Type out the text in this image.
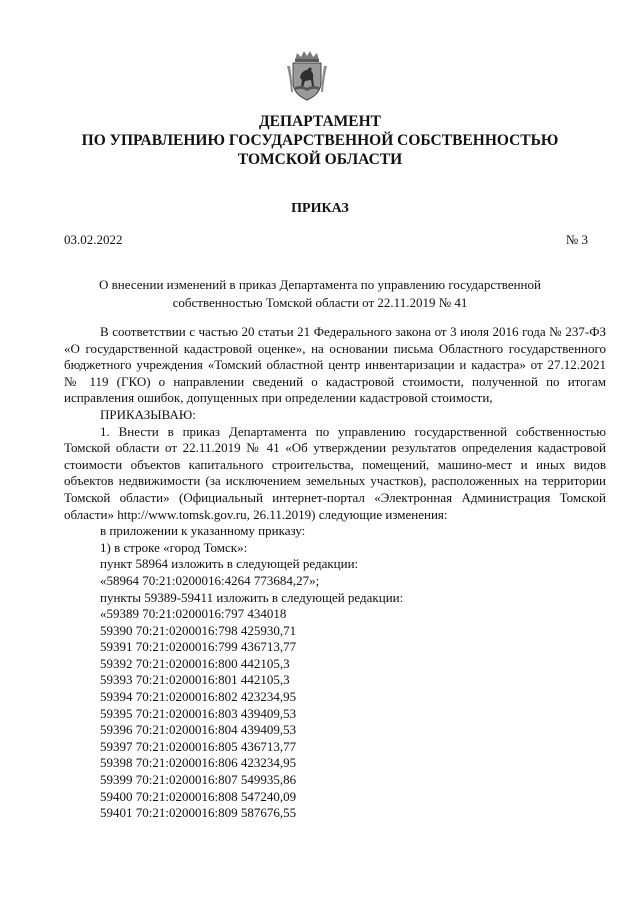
ДЕПАРТАМЕНТ
ПО УПРАВЛЕНИЮ ГОСУДАРСТВЕННОЙ СОБСТВЕННОСТЬЮ
ТОМСКОЙ ОБЛАСТИ
ПРИКАЗ
03.02.2022	№ 3
О внесении изменений в приказ Департамента по управлению государственной
собственностью Томской области от 22.11.2019 № 41

В соответствии с частью 20 статьи 21 Федерального закона от 3 июля 2016 года № 237-ФЗ «О государственной кадастровой оценке», на основании письма Областного государственного бюджетного учреждения «Томский областной центр инвентаризации и кадастра» от 27.12.2021 № 119 (ГКО) о направлении сведений о кадастровой стоимости, полученной по итогам исправления ошибок, допущенных при определении кадастровой стоимости,

ПРИКАЗЫВАЮ:

1. Внести в приказ Департамента по управлению государственной собственностью Томской области от 22.11.2019 № 41 «Об утверждении результатов определения кадастровой стоимости объектов капитального строительства, помещений, машино-мест и иных видов объектов недвижимости (за исключением земельных участков), расположенных на территории Томской области» (Официальный интернет-портал «Электронная Администрация Томской области» http://www.tomsk.gov.ru, 26.11.2019) следующие изменения:

в приложении к указанному приказу:

1) в строке «город Томск»:

пункт 58964 изложить в следующей редакции:

«58964 70:21:0200016:4264 773684,27»;

пункты 59389-59411 изложить в следующей редакции:

«59389 70:21:0200016:797 434018

59390 70:21:0200016:798 425930,71

59391 70:21:0200016:799 436713,77

59392 70:21:0200016:800 442105,3

59393 70:21:0200016:801 442105,3

59394 70:21:0200016:802 423234,95

59395 70:21:0200016:803 439409,53

59396 70:21:0200016:804 439409,53

59397 70:21:0200016:805 436713,77

59398 70:21:0200016:806 423234,95

59399 70:21:0200016:807 549935,86

59400 70:21:0200016:808 547240,09

59401 70:21:0200016:809 587676,55
